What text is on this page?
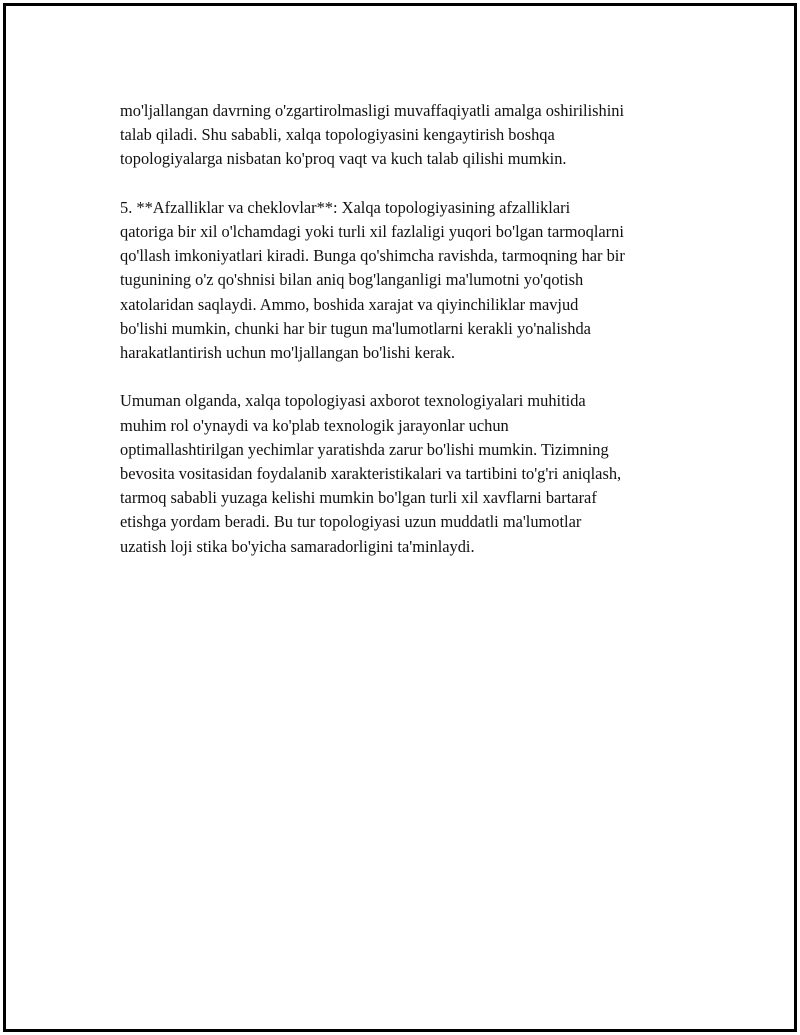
mo'ljallangan davrning o'zgartirolmasligi muvaffaqiyatli amalga oshirilishini
talab qiladi. Shu sababli, xalqa topologiyasini kengaytirish boshqa
topologiyalarga nisbatan ko'proq vaqt va kuch talab qilishi mumkin.

5. **Afzalliklar va cheklovlar**: Xalqa topologiyasining afzalliklari
qatoriga bir xil o'lchamdagi yoki turli xil fazlaligi yuqori bo'lgan tarmoqlarni
qo'llash imkoniyatlari kiradi. Bunga qo'shimcha ravishda, tarmoqning har bir
tugunining o'z qo'shnisi bilan aniq bog'langanligi ma'lumotni yo'qotish
xatolaridan saqlaydi. Ammo, boshida xarajat va qiyinchiliklar mavjud
bo'lishi mumkin, chunki har bir tugun ma'lumotlarni kerakli yo'nalishda
harakatlantirish uchun mo'ljallangan bo'lishi kerak.

Umuman olganda, xalqa topologiyasi axborot texnologiyalari muhitida
muhim rol o'ynaydi va ko'plab texnologik jarayonlar uchun
optimallashtirilgan yechimlar yaratishda zarur bo'lishi mumkin. Tizimning
bevosita vositasidan foydalanib xarakteristikalari va tartibini to'g'ri aniqlash,
tarmoq sababli yuzaga kelishi mumkin bo'lgan turli xil xavflarni bartaraf
etishga yordam beradi. Bu tur topologiyasi uzun muddatli ma'lumotlar
uzatish loji stika bo'yicha samaradorligini ta'minlaydi.
